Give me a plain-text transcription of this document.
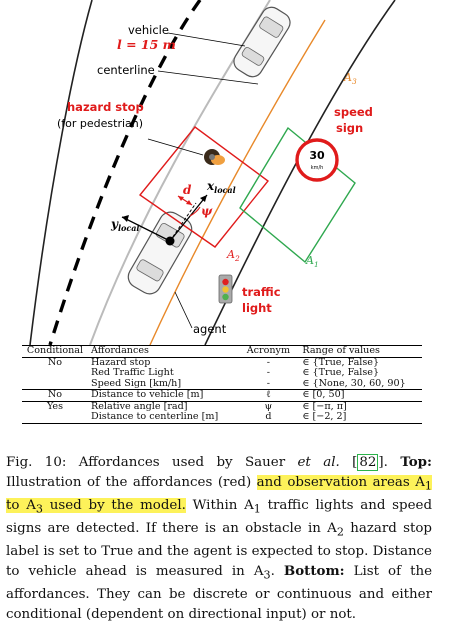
30
km/h
vehicle
l = 15 m
centerline
$A_3$
hazard stop
(for pedestrian)
speed
sign
d $x_{local}$
ψ
$y_{local}$
$A_2$	$A_1$
traffic
light
agent
Conditional	Affordances	Acronym	Range of values
No	Hazard stop	-	∈ {True, False}
	Red Traffic Light	-	∈ {True, False}
	Speed Sign [km/h]	-	∈ {None, 30, 60, 90}
No	Distance to vehicle [m]	ℓ	∈ [0, 50]
Yes	Relative angle [rad]	ψ	∈ [−π, π]
	Distance to centerline [m]	d	∈ [−2, 2]
Fig. 10: Affordances used by Sauer et al. [ 82 ]. Top: Illustration of the affordances (red) and observation areas $A_1$ to $A_3$ used by the model. Within $A_1$ traffic lights and speed signs are detected. If there is an obstacle in $A_2$ hazard stop label is set to True and the agent is expected to stop. Distance to vehicle ahead is measured in $A_3$. Bottom: List of the affordances. They can be discrete or continuous and either conditional (dependent on directional input) or not.
